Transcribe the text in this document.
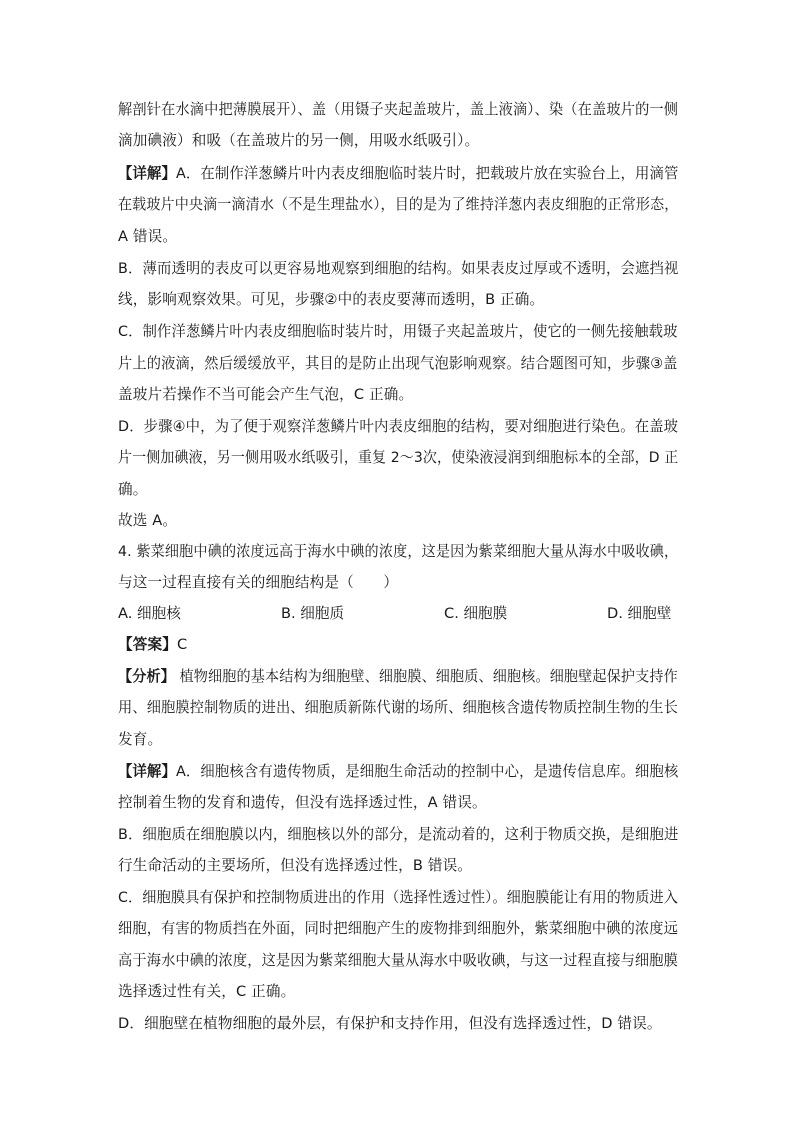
解剖针在水滴中把薄膜展开）、盖（用镊子夹起盖玻片，盖上液滴）、染（在盖玻片的一侧
滴加碘液）和吸（在盖玻片的另一侧，用吸水纸吸引）。
【详解】A．在制作洋葱鳞片叶内表皮细胞临时装片时，把载玻片放在实验台上，用滴管
在载玻片中央滴一滴清水（不是生理盐水），目的是为了维持洋葱内表皮细胞的正常形态，
A 错误。
B．薄而透明的表皮可以更容易地观察到细胞的结构。如果表皮过厚或不透明，会遮挡视
线，影响观察效果。可见，步骤②中的表皮要薄而透明，B 正确。
C．制作洋葱鳞片叶内表皮细胞临时装片时，用镊子夹起盖玻片，使它的一侧先接触载玻
片上的液滴，然后缓缓放平，其目的是防止出现气泡影响观察。结合题图可知，步骤③盖
盖玻片若操作不当可能会产生气泡，C 正确。
D．步骤④中，为了便于观察洋葱鳞片叶内表皮细胞的结构，要对细胞进行染色。在盖玻
片一侧加碘液，另一侧用吸水纸吸引，重复 2～3次，使染液浸润到细胞标本的全部，D 正
确。
故选 A。
4. 紫菜细胞中碘的浓度远高于海水中碘的浓度，这是因为紫菜细胞大量从海水中吸收碘，
与这一过程直接有关的细胞结构是（　　）
A. 细胞核	B. 细胞质	C. 细胞膜	D. 细胞壁
【答案】C
【分析】 植物细胞的基本结构为细胞壁、细胞膜、细胞质、细胞核。细胞壁起保护支持作
用、细胞膜控制物质的进出、细胞质新陈代谢的场所、细胞核含遗传物质控制生物的生长
发育。
【详解】A．细胞核含有遗传物质，是细胞生命活动的控制中心，是遗传信息库。细胞核
控制着生物的发育和遗传，但没有选择透过性，A 错误。
B．细胞质在细胞膜以内，细胞核以外的部分，是流动着的，这利于物质交换，是细胞进
行生命活动的主要场所，但没有选择透过性，B 错误。
C．细胞膜具有保护和控制物质进出的作用（选择性透过性）。细胞膜能让有用的物质进入
细胞，有害的物质挡在外面，同时把细胞产生的废物排到细胞外，紫菜细胞中碘的浓度远
高于海水中碘的浓度，这是因为紫菜细胞大量从海水中吸收碘，与这一过程直接与细胞膜
选择透过性有关，C 正确。
D．细胞壁在植物细胞的最外层，有保护和支持作用，但没有选择透过性，D 错误。
